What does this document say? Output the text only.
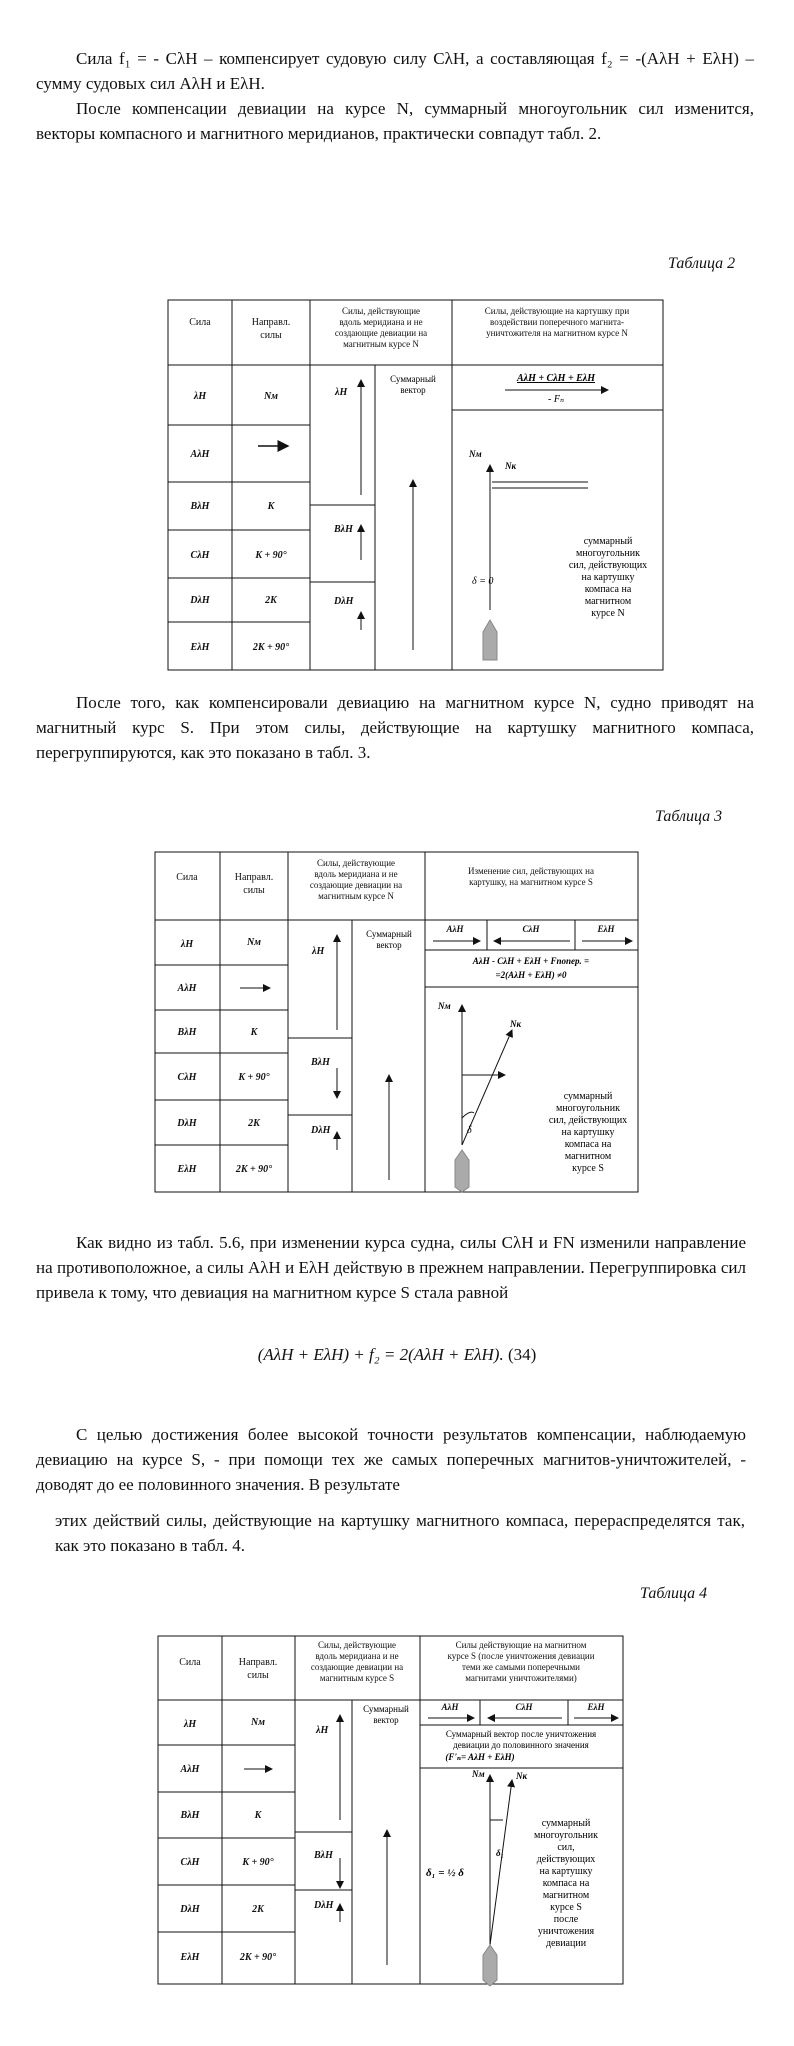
Сила f₁ = - CλH – компенсирует судовую силу CλH, а составляющая f₂ = -(AλH + EλH) – сумму судовых сил AλH и EλH.

После компенсации девиации на курсе N, суммарный многоугольник сил изменится, векторы компасного и магнитного меридианов, практически совпадут табл. 2.

Таблица 2
Сила	Направл.
силы
Силы, действующие
вдоль меридиана и не
создающие девиации на
магнитным курсе N
Силы, действующие на картушку при
воздействии поперечного магнита-
уничтожителя на магнитном курсе N
λH	Nм
AλH
BλH	K
CλH	K + 90°
DλH	2K
EλH	2K + 90°
λH
BλH
DλH
Суммарный
вектор
AλH + CλH + EλH
- Fₙ
Nм
Nк
δ = 0
суммарный
многоугольник
сил, действующих
на картушку
компаса на
магнитном
курсе N
Сила	Направл.
силы
Силы, действующие
вдоль меридиана и не
создающие девиации на
магнитным курсе N
Изменение сил, действующих на
картушку, на магнитном курсе S
λH	Nм
AλH
BλH	K
CλH	K + 90°
DλH	2K
EλH	2K + 90°
λH
BλH
DλH
Суммарный
вектор
AλH	CλH	EλH
AλH - CλH + EλH + Fпопер. =
=2(AλH + EλH) ≠0
Nм
Nк
δ
суммарный
многоугольник
сил, действующих
на картушку
компаса на
магнитном
курсе S
Сила	Направл.
силы
Силы, действующие
вдоль меридиана и не
создающие девиации на
магнитным курсе S
Силы действующие на магнитном
курсе S (после уничтожения девиации
теми же самыми поперечными
магнитами уничтожителями)
λH	Nм
AλH
BλH	K
CλH	K + 90°
DλH	2K
EλH	2K + 90°
λH
BλH
DλH
Суммарный
вектор
AλH	CλH	EλH
Суммарный вектор после уничтожения
девиации до половинного значения
(F'ₙ= AλH + EλH)
Nм	Nк
δ₁
δ₁ = ½ δ
суммарный
многоугольник
сил,
действующих
на картушку
компаса на
магнитном
курсе S
после
уничтожения
девиации

После того, как компенсировали девиацию на магнитном курсе N, судно приводят на магнитный курс S. При этом силы, действующие на картушку магнитного компаса, перегруппируются, как это показано в табл. 3.

Таблица 3

Как видно из табл. 5.6, при изменении курса судна, силы CλH и FN изменили направление на противоположное, а силы AλH и EλH действую в прежнем направлении. Перегруппировка сил привела к тому, что девиация на магнитном курсе S стала равной

(AλH + EλH) + f₂ = 2(AλH + EλH). (34)

С целью достижения более высокой точности результатов компенсации, наблюдаемую девиацию на курсе S, - при помощи тех же самых поперечных магнитов-уничтожителей, - доводят до ее половинного значения. В результате

этих действий силы, действующие на картушку магнитного компаса, перераспределятся так, как это показано в табл. 4.

Таблица 4
